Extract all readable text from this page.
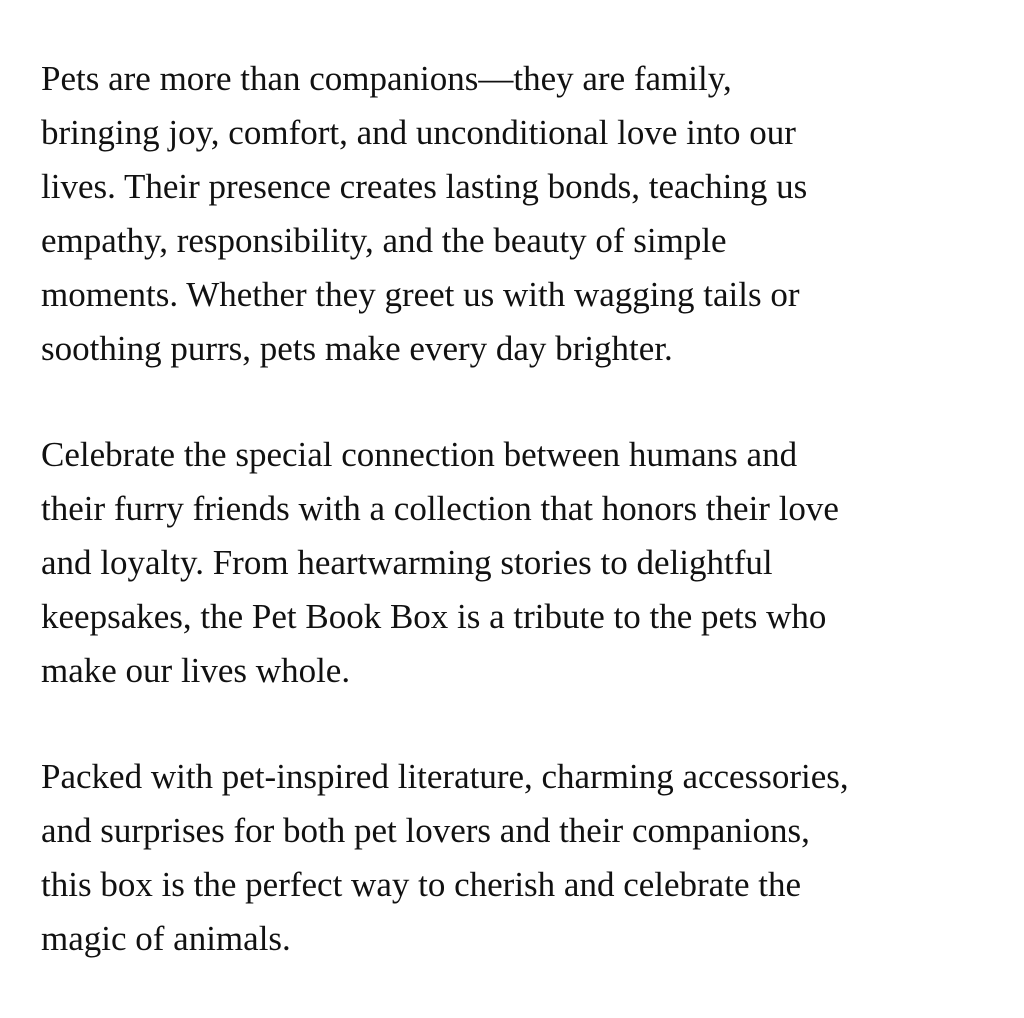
Pets are more than companions—they are family,
bringing joy, comfort, and unconditional love into our
lives. Their presence creates lasting bonds, teaching us
empathy, responsibility, and the beauty of simple
moments. Whether they greet us with wagging tails or
soothing purrs, pets make every day brighter.

Celebrate the special connection between humans and
their furry friends with a collection that honors their love
and loyalty. From heartwarming stories to delightful
keepsakes, the Pet Book Box is a tribute to the pets who
make our lives whole.

Packed with pet-inspired literature, charming accessories,
and surprises for both pet lovers and their companions,
this box is the perfect way to cherish and celebrate the
magic of animals.
